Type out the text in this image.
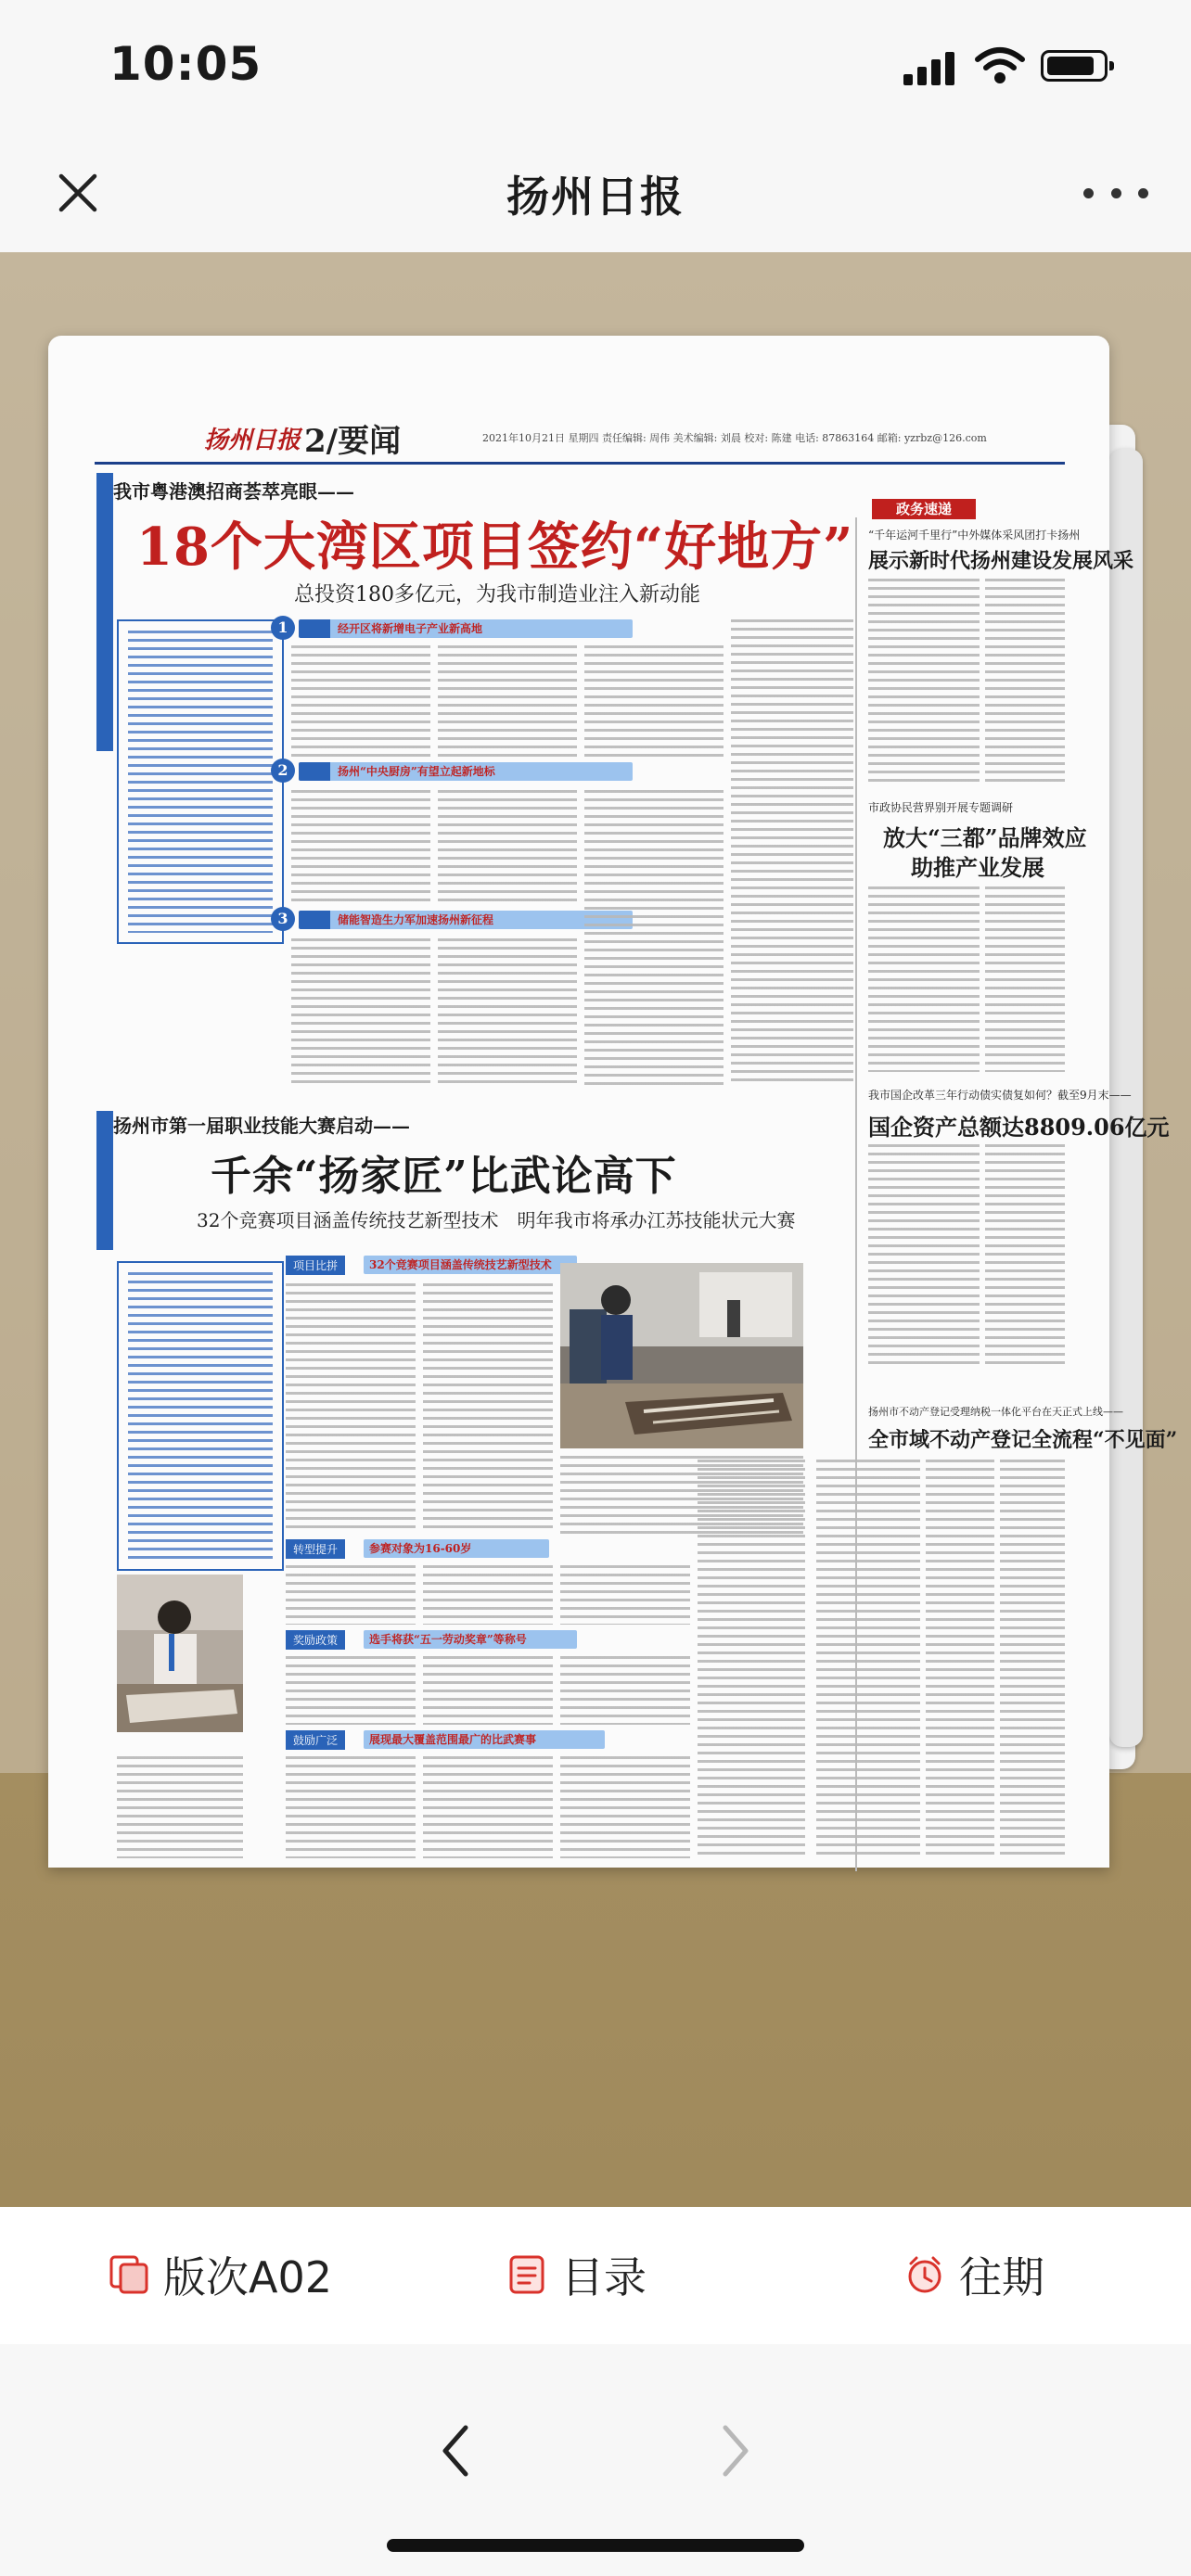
10:05
扬州日报
扬州日报 2/要闻	2021年10月21日 星期四 责任编辑: 周伟 美术编辑: 刘晨 校对: 陈建 电话: 87863164 邮箱: yzrbz@126.com
我市粤港澳招商荟萃亮眼——
18个大湾区项目签约“好地方”
总投资180多亿元，为我市制造业注入新动能
1	经开区将新增电子产业新高地
2	扬州“中央厨房”有望立起新地标
3	储能智造生力军加速扬州新征程
扬州市第一届职业技能大赛启动——
千余“扬家匠”比武论高下
32个竞赛项目涵盖传统技艺新型技术　明年我市将承办江苏技能状元大赛
项目比拼	32个竞赛项目涵盖传统技艺新型技术
转型提升	参赛对象为16-60岁
奖励政策	选手将获“五一劳动奖章”等称号
鼓励广泛	展现最大覆盖范围最广的比武赛事
政务速递
“千年运河千里行”中外媒体采风团打卡扬州
展示新时代扬州建设发展风采
市政协民营界别开展专题调研
放大“三都”品牌效应
助推产业发展
我市国企改革三年行动债实债复如何？截至9月末——
国企资产总额达8809.06亿元
扬州市不动产登记受理纳税一体化平台在天正式上线——
全市域不动产登记全流程“不见面”
版次A02	目录	往期
